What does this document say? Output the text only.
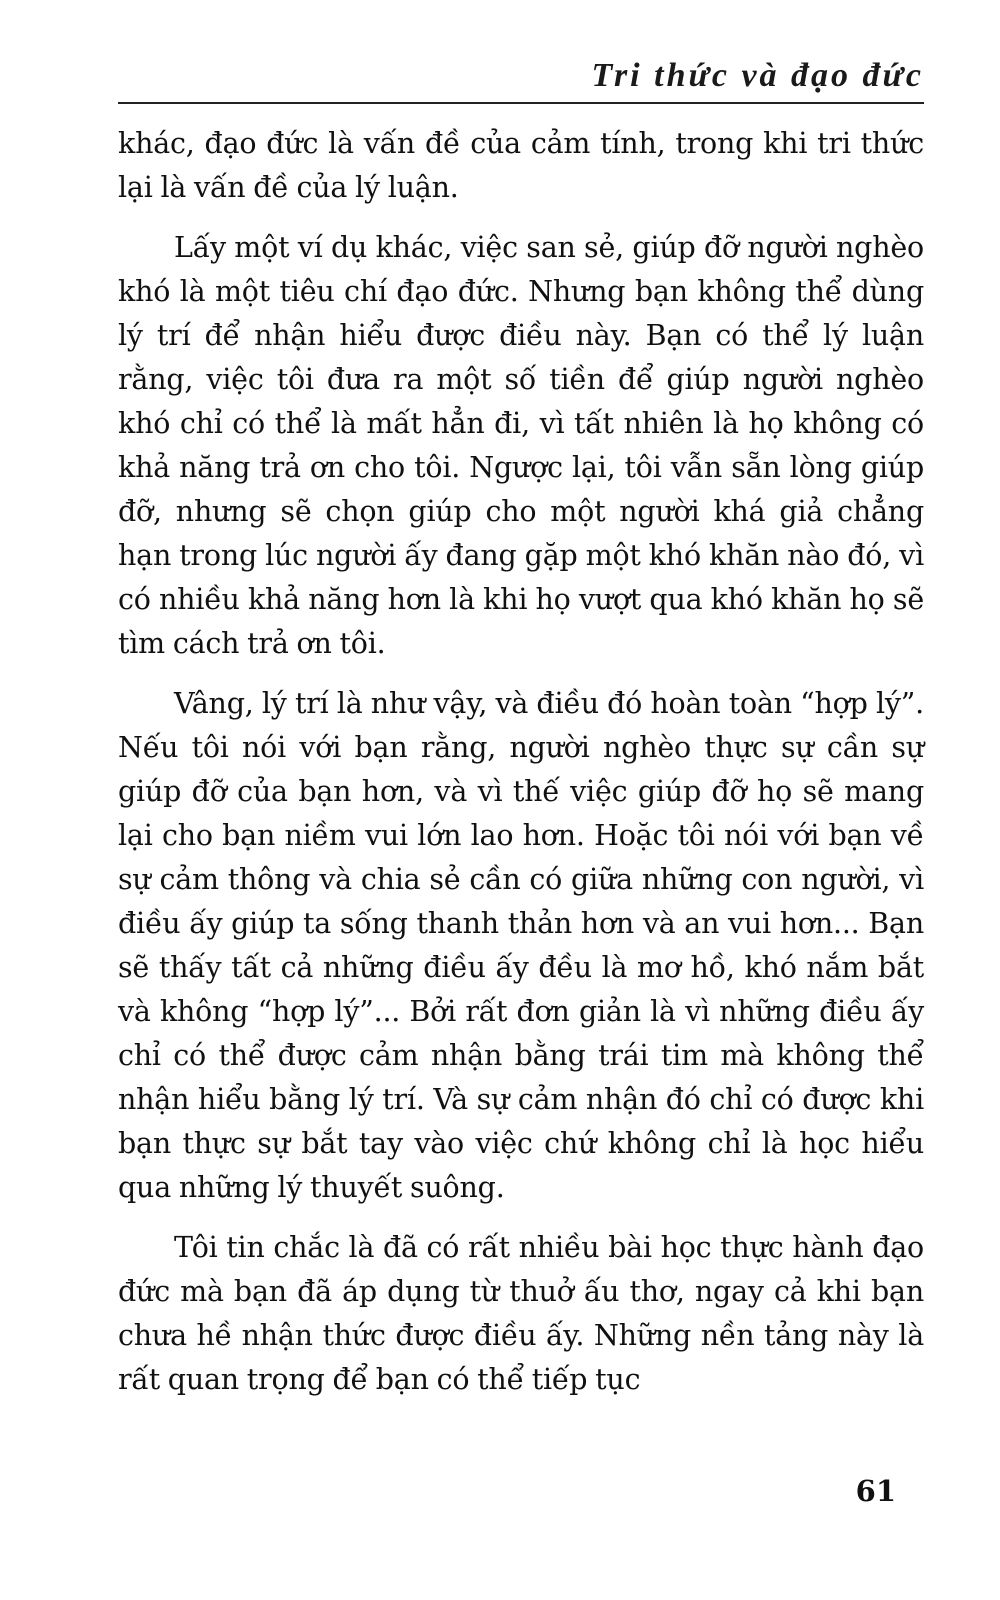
Tri thức và đạo đức

khác, đạo đức là vấn đề của cảm tính, trong khi tri thức lại là vấn đề của lý luận.

Lấy một ví dụ khác, việc san sẻ, giúp đỡ người nghèo khó là một tiêu chí đạo đức. Nhưng bạn không thể dùng lý trí để nhận hiểu được điều này. Bạn có thể lý luận rằng, việc tôi đưa ra một số tiền để giúp người nghèo khó chỉ có thể là mất hẳn đi, vì tất nhiên là họ không có khả năng trả ơn cho tôi. Ngược lại, tôi vẫn sẵn lòng giúp đỡ, nhưng sẽ chọn giúp cho một người khá giả chẳng hạn trong lúc người ấy đang gặp một khó khăn nào đó, vì có nhiều khả năng hơn là khi họ vượt qua khó khăn họ sẽ tìm cách trả ơn tôi.

Vâng, lý trí là như vậy, và điều đó hoàn toàn “hợp lý”. Nếu tôi nói với bạn rằng, người nghèo thực sự cần sự giúp đỡ của bạn hơn, và vì thế việc giúp đỡ họ sẽ mang lại cho bạn niềm vui lớn lao hơn. Hoặc tôi nói với bạn về sự cảm thông và chia sẻ cần có giữa những con người, vì điều ấy giúp ta sống thanh thản hơn và an vui hơn... Bạn sẽ thấy tất cả những điều ấy đều là mơ hồ, khó nắm bắt và không “hợp lý”... Bởi rất đơn giản là vì những điều ấy chỉ có thể được cảm nhận bằng trái tim mà không thể nhận hiểu bằng lý trí. Và sự cảm nhận đó chỉ có được khi bạn thực sự bắt tay vào việc chứ không chỉ là học hiểu qua những lý thuyết suông.

Tôi tin chắc là đã có rất nhiều bài học thực hành đạo đức mà bạn đã áp dụng từ thuở ấu thơ, ngay cả khi bạn chưa hề nhận thức được điều ấy. Những nền tảng này là rất quan trọng để bạn có thể tiếp tục

61
